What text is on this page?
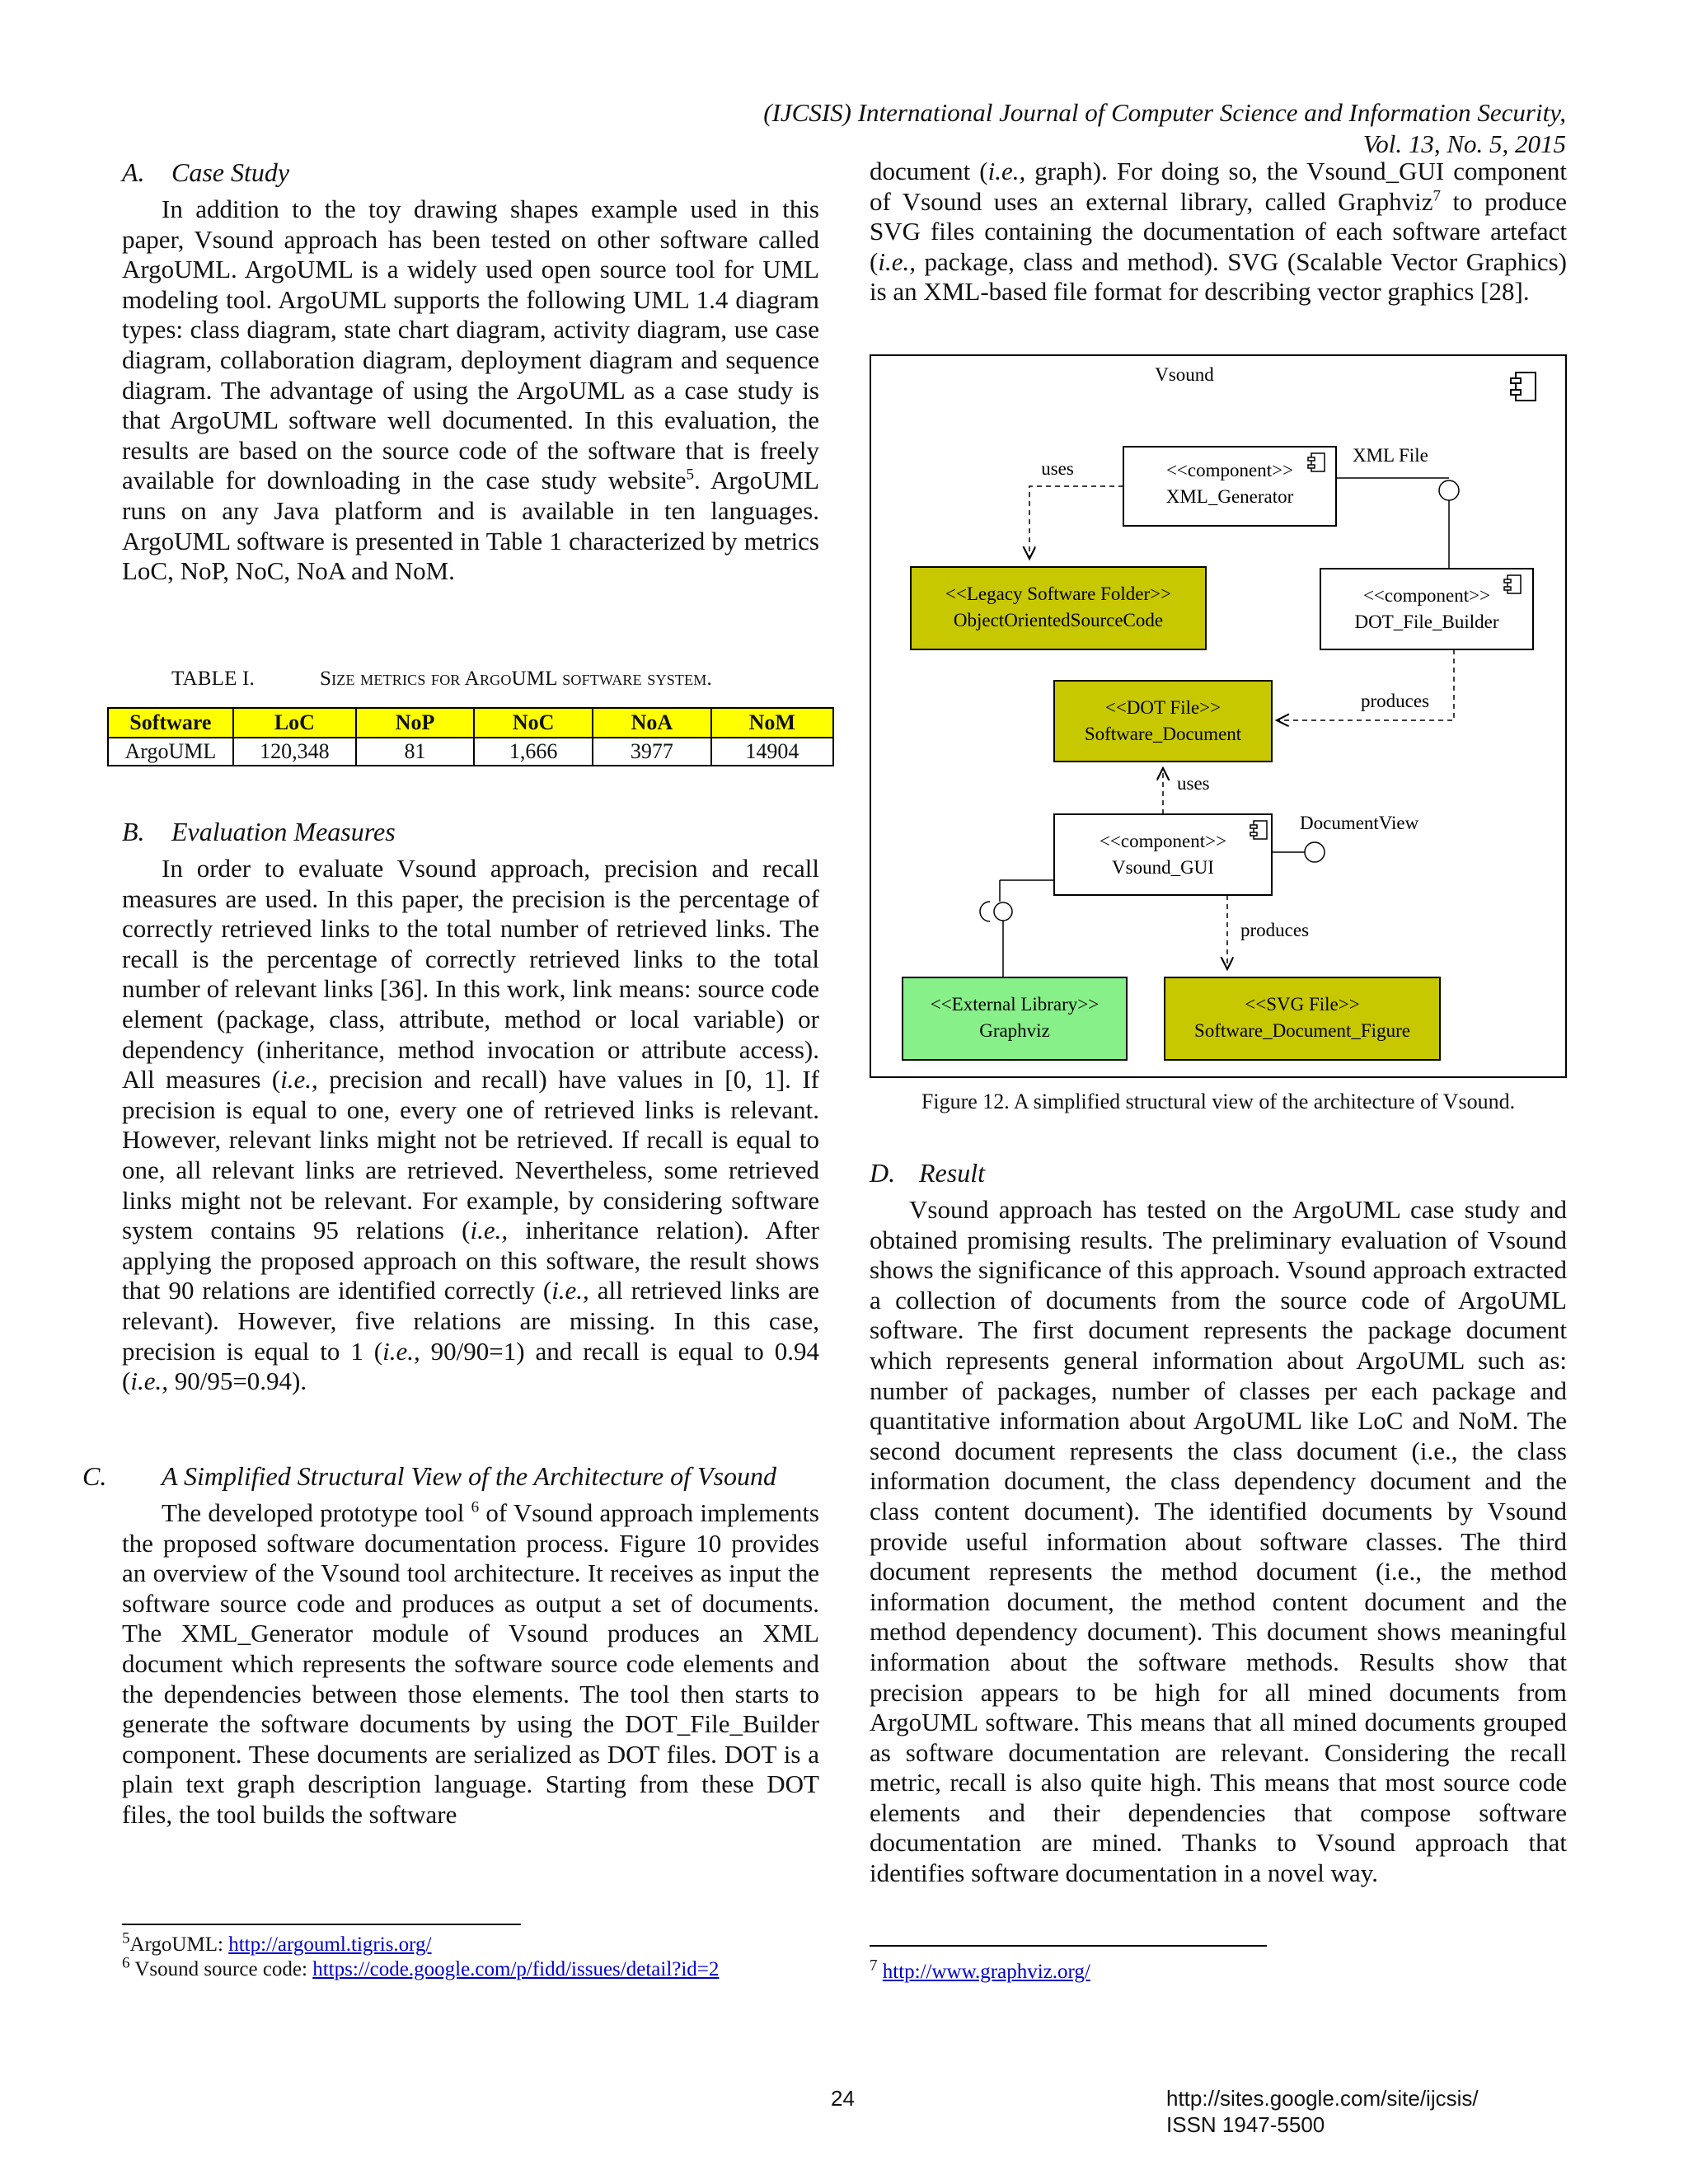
(IJCSIS) International Journal of Computer Science and Information Security,
Vol. 13, No. 5, 2015
A. Case Study

In addition to the toy drawing shapes example used in this paper, Vsound approach has been tested on other software called ArgoUML. ArgoUML is a widely used open source tool for UML modeling tool. ArgoUML supports the following UML 1.4 diagram types: class diagram, state chart diagram, activity diagram, use case diagram, collaboration diagram, deployment diagram and sequence diagram. The advantage of using the ArgoUML as a case study is that ArgoUML software well documented. In this evaluation, the results are based on the source code of the software that is freely available for downloading in the case study website$^5$. ArgoUML runs on any Java platform and is available in ten languages. ArgoUML software is presented in Table 1 characterized by metrics LoC, NoP, NoC, NoA and NoM.

TABLE I.	Size metrics for ArgoUML software system.
Software	LoC	NoP	NoC	NoA	NoM
ArgoUML	120,348	81	1,666	3977	14904
B. Evaluation Measures

In order to evaluate Vsound approach, precision and recall measures are used. In this paper, the precision is the percentage of correctly retrieved links to the total number of retrieved links. The recall is the percentage of correctly retrieved links to the total number of relevant links [36]. In this work, link means: source code element (package, class, attribute, method or local variable) or dependency (inheritance, method invocation or attribute access). All measures (i.e., precision and recall) have values in [0, 1]. If precision is equal to one, every one of retrieved links is relevant. However, relevant links might not be retrieved. If recall is equal to one, all relevant links are retrieved. Nevertheless, some retrieved links might not be relevant. For example, by considering software system contains 95 relations (i.e., inheritance relation). After applying the proposed approach on this software, the result shows that 90 relations are identified correctly (i.e., all retrieved links are relevant). However, five relations are missing. In this case, precision is equal to 1 (i.e., 90/90=1) and recall is equal to 0.94 (i.e., 90/95=0.94).

C. A Simplified Structural View of the Architecture of Vsound

The developed prototype tool $^6$ of Vsound approach implements the proposed software documentation process. Figure 10 provides an overview of the Vsound tool architecture. It receives as input the software source code and produces as output a set of documents. The XML_Generator module of Vsound produces an XML document which represents the software source code elements and the dependencies between those elements. The tool then starts to generate the software documents by using the DOT_File_Builder component. These documents are serialized as DOT files. DOT is a plain text graph description language. Starting from these DOT files, the tool builds the software

$^5$ArgoUML: http://argouml.tigris.org/
$^6$ Vsound source code: https://code.google.com/p/fidd/issues/detail?id=2

document (i.e., graph). For doing so, the Vsound_GUI component of Vsound uses an external library, called Graphviz$^7$ to produce SVG files containing the documentation of each software artefact (i.e., package, class and method). SVG (Scalable Vector Graphics) is an XML-based file format for describing vector graphics [28].

Vsound
<<component>>
XML_Generator
uses
XML File
<<Legacy Software Folder>>
ObjectOrientedSourceCode
<<component>>
DOT_File_Builder
produces
<<DOT File>>
Software_Document
uses
<<component>>
Vsound_GUI
DocumentView
produces
<<External Library>>
Graphviz
<<SVG File>>
Software_Document_Figure
Figure 12. A simplified structural view of the architecture of Vsound.
D. Result

Vsound approach has tested on the ArgoUML case study and obtained promising results. The preliminary evaluation of Vsound shows the significance of this approach. Vsound approach extracted a collection of documents from the source code of ArgoUML software. The first document represents the package document which represents general information about ArgoUML such as: number of packages, number of classes per each package and quantitative information about ArgoUML like LoC and NoM. The second document represents the class document (i.e., the class information document, the class dependency document and the class content document). The identified documents by Vsound provide useful information about software classes. The third document represents the method document (i.e., the method information document, the method content document and the method dependency document). This document shows meaningful information about the software methods. Results show that precision appears to be high for all mined documents from ArgoUML software. This means that all mined documents grouped as software documentation are relevant. Considering the recall metric, recall is also quite high. This means that most source code elements and their dependencies that compose software documentation are mined. Thanks to Vsound approach that identifies software documentation in a novel way.

$^7$ http://www.graphviz.org/
24	http://sites.google.com/site/ijcsis/
ISSN 1947-5500
